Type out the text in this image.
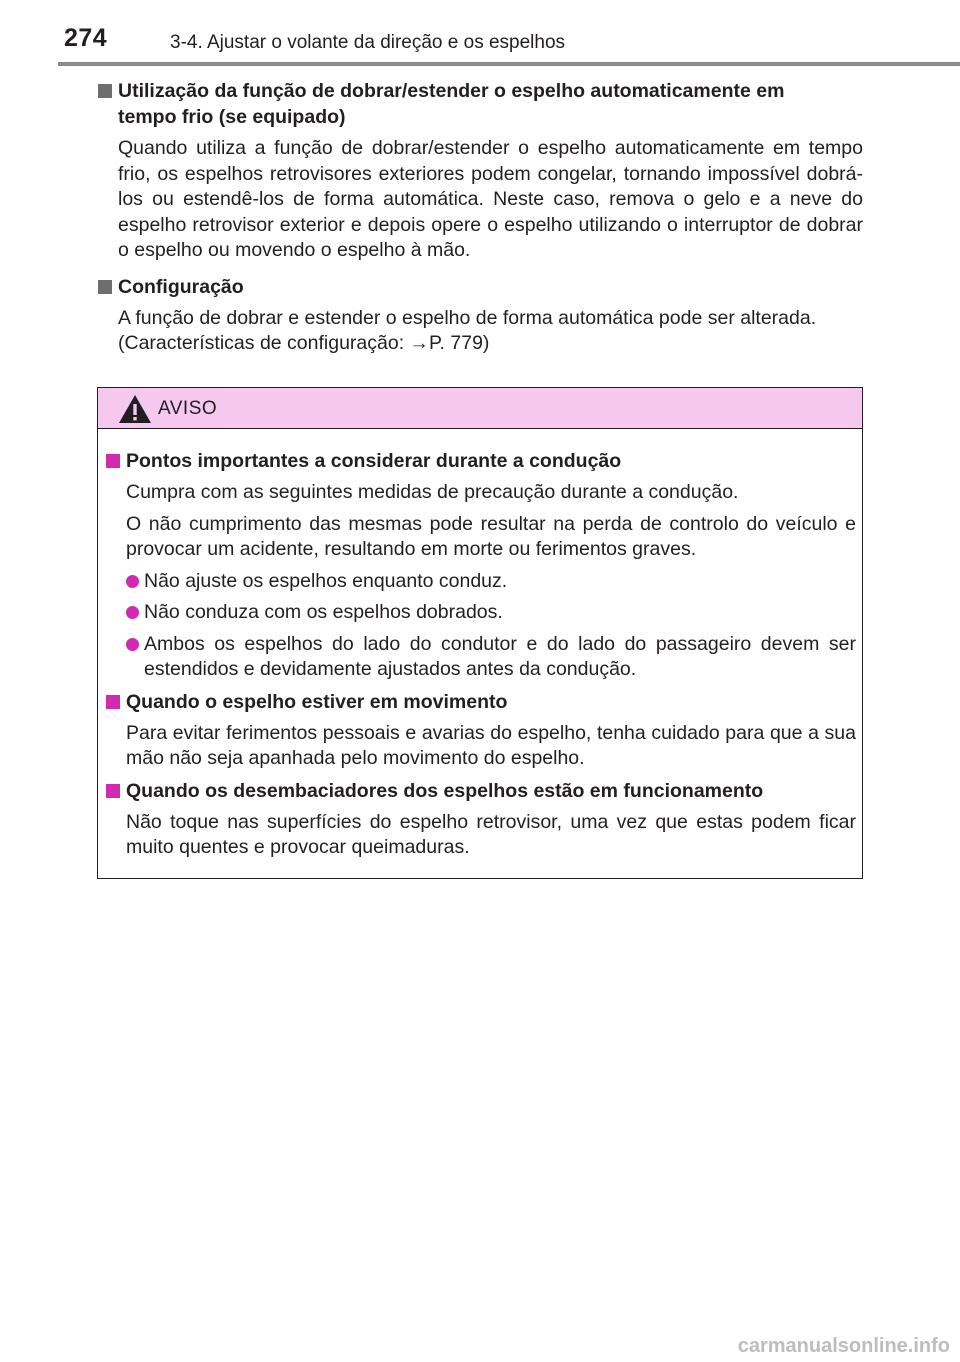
274	3-4. Ajustar o volante da direção e os espelhos
Utilização da função de dobrar/estender o espelho automaticamente em
tempo frio (se equipado)
Quando utiliza a função de dobrar/estender o espelho automaticamente em tempo frio, os espelhos retrovisores exteriores podem congelar, tornando impossível dobrá-los ou estendê-los de forma automática. Neste caso, remova o gelo e a neve do espelho retrovisor exterior e depois opere o espelho utilizando o interruptor de dobrar o espelho ou movendo o espelho à mão.
Configuração
A função de dobrar e estender o espelho de forma automática pode ser alterada.
(Características de configuração: →P. 779)
AVISO
Pontos importantes a considerar durante a condução
Cumpra com as seguintes medidas de precaução durante a condução.
O não cumprimento das mesmas pode resultar na perda de controlo do veículo e provocar um acidente, resultando em morte ou ferimentos graves.
Não ajuste os espelhos enquanto conduz.
Não conduza com os espelhos dobrados.
Ambos os espelhos do lado do condutor e do lado do passageiro devem ser estendidos e devidamente ajustados antes da condução.
Quando o espelho estiver em movimento
Para evitar ferimentos pessoais e avarias do espelho, tenha cuidado para que a sua mão não seja apanhada pelo movimento do espelho.
Quando os desembaciadores dos espelhos estão em funcionamento
Não toque nas superfícies do espelho retrovisor, uma vez que estas podem ficar muito quentes e provocar queimaduras.
carmanualsonline.info
